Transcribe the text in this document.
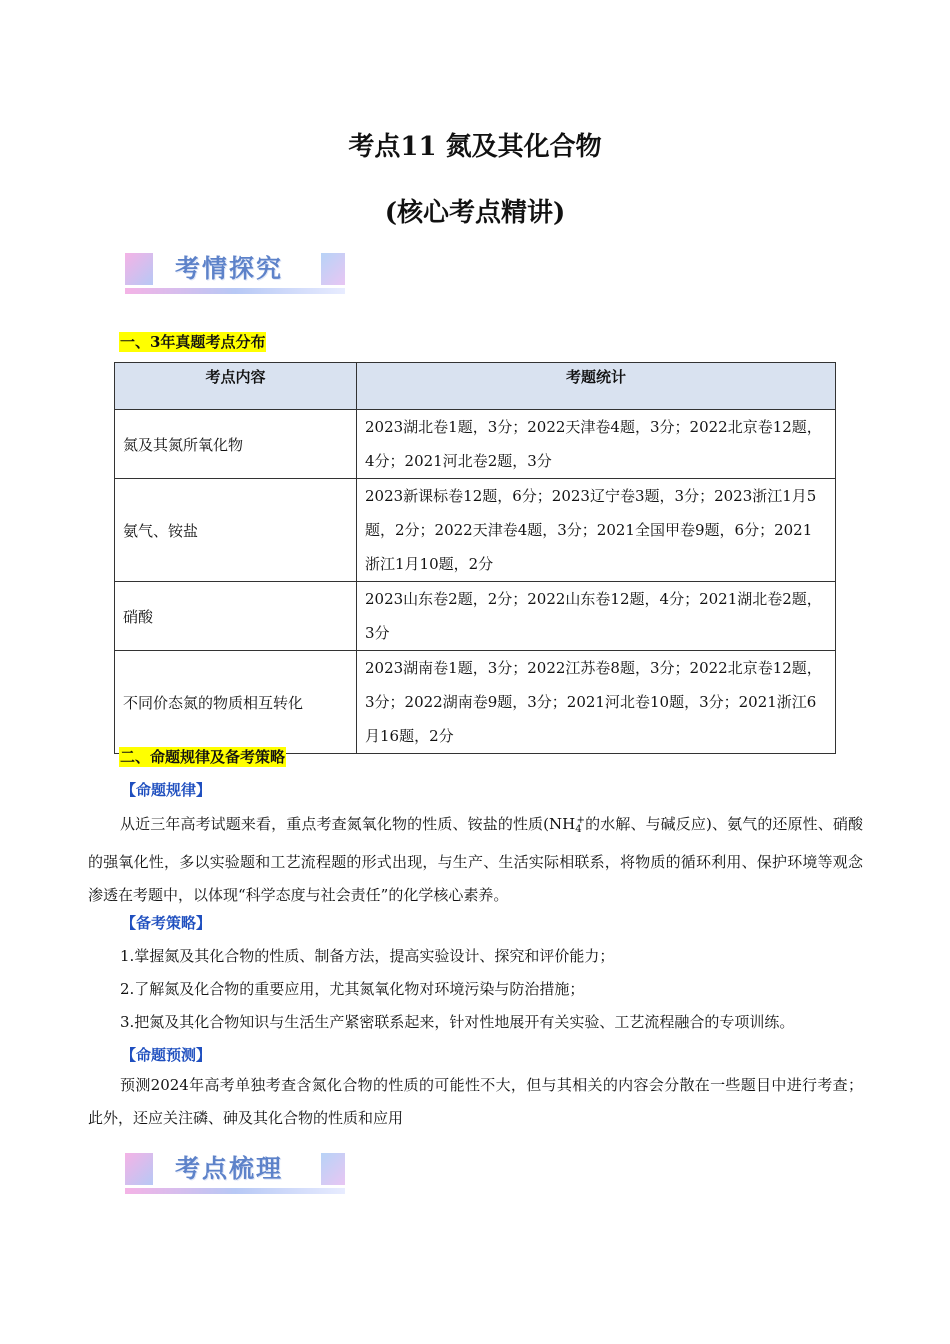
考点11 氮及其化合物
(核心考点精讲)
考情探究
一、3年真题考点分布
考点内容	考题统计
氮及其氮所氧化物	2023湖北卷1题，3分；2022天津卷4题，3分；2022北京卷12题，4分；2021河北卷2题，3分
氨气、铵盐	2023新课标卷12题，6分；2023辽宁卷3题，3分；2023浙江1月5题，2分；2022天津卷4题，3分；2021全国甲卷9题，6分；2021浙江1月10题，2分
硝酸	2023山东卷2题，2分；2022山东卷12题，4分；2021湖北卷2题，3分
不同价态氮的物质相互转化	2023湖南卷1题，3分；2022江苏卷8题，3分；2022北京卷12题，3分；2022湖南卷9题，3分；2021河北卷10题，3分；2021浙江6月16题，2分
二、命题规律及备考策略
【命题规律】
从近三年高考试题来看，重点考查氮氧化物的性质、铵盐的性质($NH_4^+$的水解、与碱反应)、氨气的还原性、硝酸的强氧化性，多以实验题和工艺流程题的形式出现，与生产、生活实际相联系，将物质的循环利用、保护环境等观念渗透在考题中，以体现“科学态度与社会责任”的化学核心素养。
【备考策略】
1.掌握氮及其化合物的性质、制备方法，提高实验设计、探究和评价能力；
2.了解氮及化合物的重要应用，尤其氮氧化物对环境污染与防治措施；
3.把氮及其化合物知识与生活生产紧密联系起来，针对性地展开有关实验、工艺流程融合的专项训练。
【命题预测】
预测2024年高考单独考查含氮化合物的性质的可能性不大，但与其相关的内容会分散在一些题目中进行考查；此外，还应关注磷、砷及其化合物的性质和应用
考点梳理
